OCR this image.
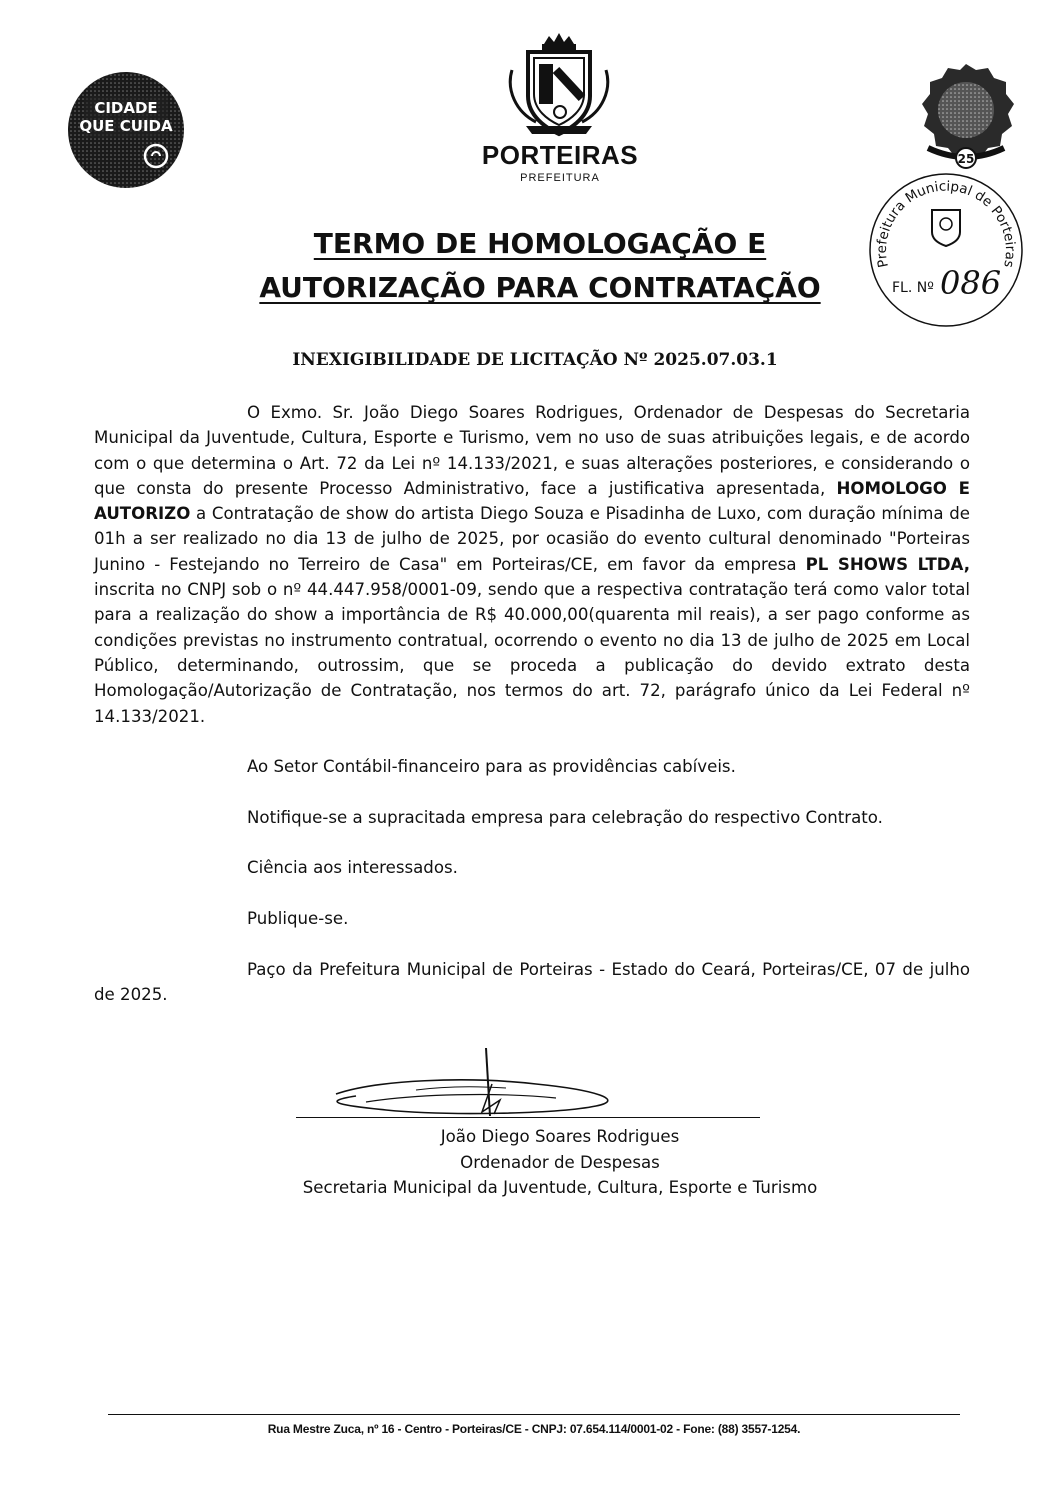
CIDADE
QUE CUIDA
PORTEIRAS
PREFEITURA
25
Prefeitura Municipal de Porteiras
FL. Nº 086
TERMO DE HOMOLOGAÇÃO E
AUTORIZAÇÃO PARA CONTRATAÇÃO
INEXIGIBILIDADE DE LICITAÇÃO Nº 2025.07.03.1

O Exmo. Sr. João Diego Soares Rodrigues, Ordenador de Despesas do Secretaria Municipal da Juventude, Cultura, Esporte e Turismo, vem no uso de suas atribuições legais, e de acordo com o que determina o Art. 72 da Lei nº 14.133/2021, e suas alterações posteriores, e considerando o que consta do presente Processo Administrativo, face a justificativa apresentada, HOMOLOGO E AUTORIZO a Contratação de show do artista Diego Souza e Pisadinha de Luxo, com duração mínima de 01h a ser realizado no dia 13 de julho de 2025, por ocasião do evento cultural denominado "Porteiras Junino - Festejando no Terreiro de Casa" em Porteiras/CE, em favor da empresa PL SHOWS LTDA, inscrita no CNPJ sob o nº 44.447.958/0001-09, sendo que a respectiva contratação terá como valor total para a realização do show a importância de R$ 40.000,00(quarenta mil reais), a ser pago conforme as condições previstas no instrumento contratual, ocorrendo o evento no dia 13 de julho de 2025 em Local Público, determinando, outrossim, que se proceda a publicação do devido extrato desta Homologação/Autorização de Contratação, nos termos do art. 72, parágrafo único da Lei Federal nº 14.133/2021.

Ao Setor Contábil-financeiro para as providências cabíveis.

Notifique-se a supracitada empresa para celebração do respectivo Contrato.

Ciência aos interessados.

Publique-se.

Paço da Prefeitura Municipal de Porteiras - Estado do Ceará, Porteiras/CE, 07 de julho de 2025.

João Diego Soares Rodrigues
Ordenador de Despesas
Secretaria Municipal da Juventude, Cultura, Esporte e Turismo
Rua Mestre Zuca, nº 16 - Centro - Porteiras/CE - CNPJ: 07.654.114/0001-02 - Fone: (88) 3557-1254.
